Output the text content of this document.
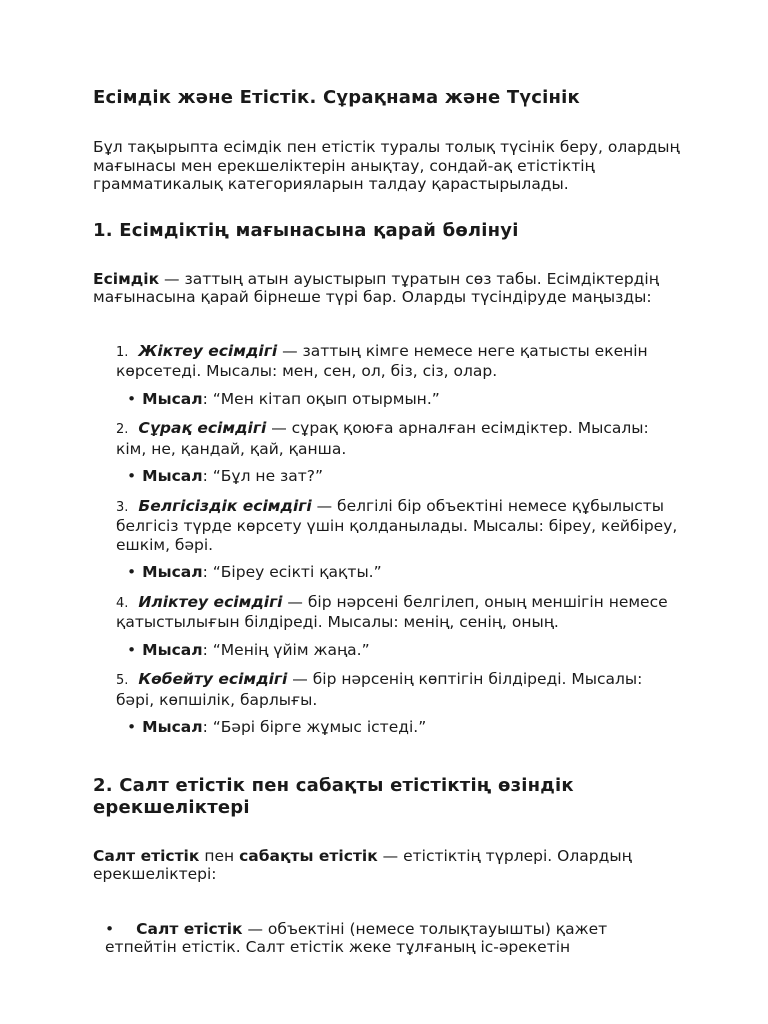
Есімдік және Етістік. Сұрақнама және Түсінік

Бұл тақырыпта есімдік пен етістік туралы толық түсінік беру, олардың мағынасы мен ерекшеліктерін анықтау, сондай-ақ етістіктің грамматикалық категорияларын талдау қарастырылады.

1. Есімдіктің мағынасына қарай бөлінуі

Есімдік — заттың атын ауыстырып тұратын сөз табы. Есімдіктердің мағынасына қарай бірнеше түрі бар. Оларды түсіндіруде маңызды:

1. Жіктеу есімдігі — заттың кімге немесе неге қатысты екенін көрсетеді. Мысалы: мен, сен, ол, біз, сіз, олар.
• Мысал: “Мен кітап оқып отырмын.”
2. Сұрақ есімдігі — сұрақ қоюға арналған есімдіктер. Мысалы: кім, не, қандай, қай, қанша.
• Мысал: “Бұл не зат?”
3. Белгісіздік есімдігі — белгілі бір объектіні немесе құбылысты белгісіз түрде көрсету үшін қолданылады. Мысалы: біреу, кейбіреу, ешкім, бәрі.
• Мысал: “Біреу есікті қақты.”
4. Иліктеу есімдігі — бір нәрсені белгілеп, оның меншігін немесе қатыстылығын білдіреді. Мысалы: менің, сенің, оның.
• Мысал: “Менің үйім жаңа.”
5. Көбейту есімдігі — бір нәрсенің көптігін білдіреді. Мысалы: бәрі, көпшілік, барлығы.
• Мысал: “Бәрі бірге жұмыс істеді.”
2. Салт етістік пен сабақты етістіктің өзіндік ерекшеліктері

Салт етістік пен сабақты етістік — етістіктің түрлері. Олардың ерекшеліктері:

• Салт етістік — объектіні (немесе толықтауышты) қажет етпейтін етістік. Салт етістік жеке тұлғаның іс-әрекетін
